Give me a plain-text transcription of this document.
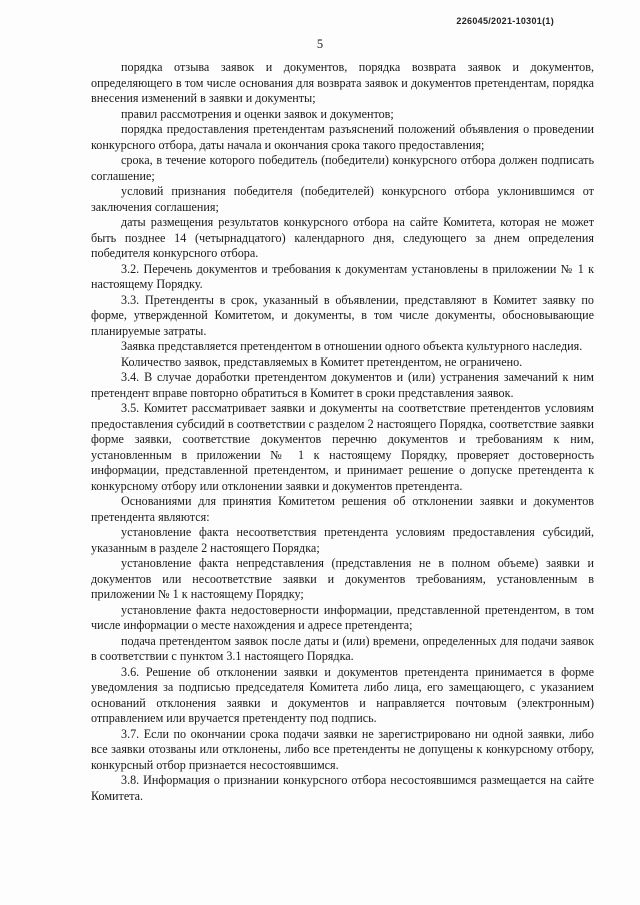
226045/2021-10301(1)
5

порядка отзыва заявок и документов, порядка возврата заявок и документов, определяющего в том числе основания для возврата заявок и документов претендентам, порядка внесения изменений в заявки и документы;

правил рассмотрения и оценки заявок и документов;

порядка предоставления претендентам разъяснений положений объявления о проведении конкурсного отбора, даты начала и окончания срока такого предоставления;

срока, в течение которого победитель (победители) конкурсного отбора должен подписать соглашение;

условий признания победителя (победителей) конкурсного отбора уклонившимся от заключения соглашения;

даты размещения результатов конкурсного отбора на сайте Комитета, которая не может быть позднее 14 (четырнадцатого) календарного дня, следующего за днем определения победителя конкурсного отбора.

3.2. Перечень документов и требования к документам установлены в приложении № 1 к настоящему Порядку.

3.3. Претенденты в срок, указанный в объявлении, представляют в Комитет заявку по форме, утвержденной Комитетом, и документы, в том числе документы, обосновывающие планируемые затраты.

Заявка представляется претендентом в отношении одного объекта культурного наследия.

Количество заявок, представляемых в Комитет претендентом, не ограничено.

3.4. В случае доработки претендентом документов и (или) устранения замечаний к ним претендент вправе повторно обратиться в Комитет в сроки представления заявок.

3.5. Комитет рассматривает заявки и документы на соответствие претендентов условиям предоставления субсидий в соответствии с разделом 2 настоящего Порядка, соответствие заявки форме заявки, соответствие документов перечню документов и требованиям к ним, установленным в приложении № 1 к настоящему Порядку, проверяет достоверность информации, представленной претендентом, и принимает решение о допуске претендента к конкурсному отбору или отклонении заявки и документов претендента.

Основаниями для принятия Комитетом решения об отклонении заявки и документов претендента являются:

установление факта несоответствия претендента условиям предоставления субсидий, указанным в разделе 2 настоящего Порядка;

установление факта непредставления (представления не в полном объеме) заявки и документов или несоответствие заявки и документов требованиям, установленным в приложении № 1 к настоящему Порядку;

установление факта недостоверности информации, представленной претендентом, в том числе информации о месте нахождения и адресе претендента;

подача претендентом заявок после даты и (или) времени, определенных для подачи заявок в соответствии с пунктом 3.1 настоящего Порядка.

3.6. Решение об отклонении заявки и документов претендента принимается в форме уведомления за подписью председателя Комитета либо лица, его замещающего, с указанием оснований отклонения заявки и документов и направляется почтовым (электронным) отправлением или вручается претенденту под подпись.

3.7. Если по окончании срока подачи заявки не зарегистрировано ни одной заявки, либо все заявки отозваны или отклонены, либо все претенденты не допущены к конкурсному отбору, конкурсный отбор признается несостоявшимся.

3.8. Информация о признании конкурсного отбора несостоявшимся размещается на сайте Комитета.
